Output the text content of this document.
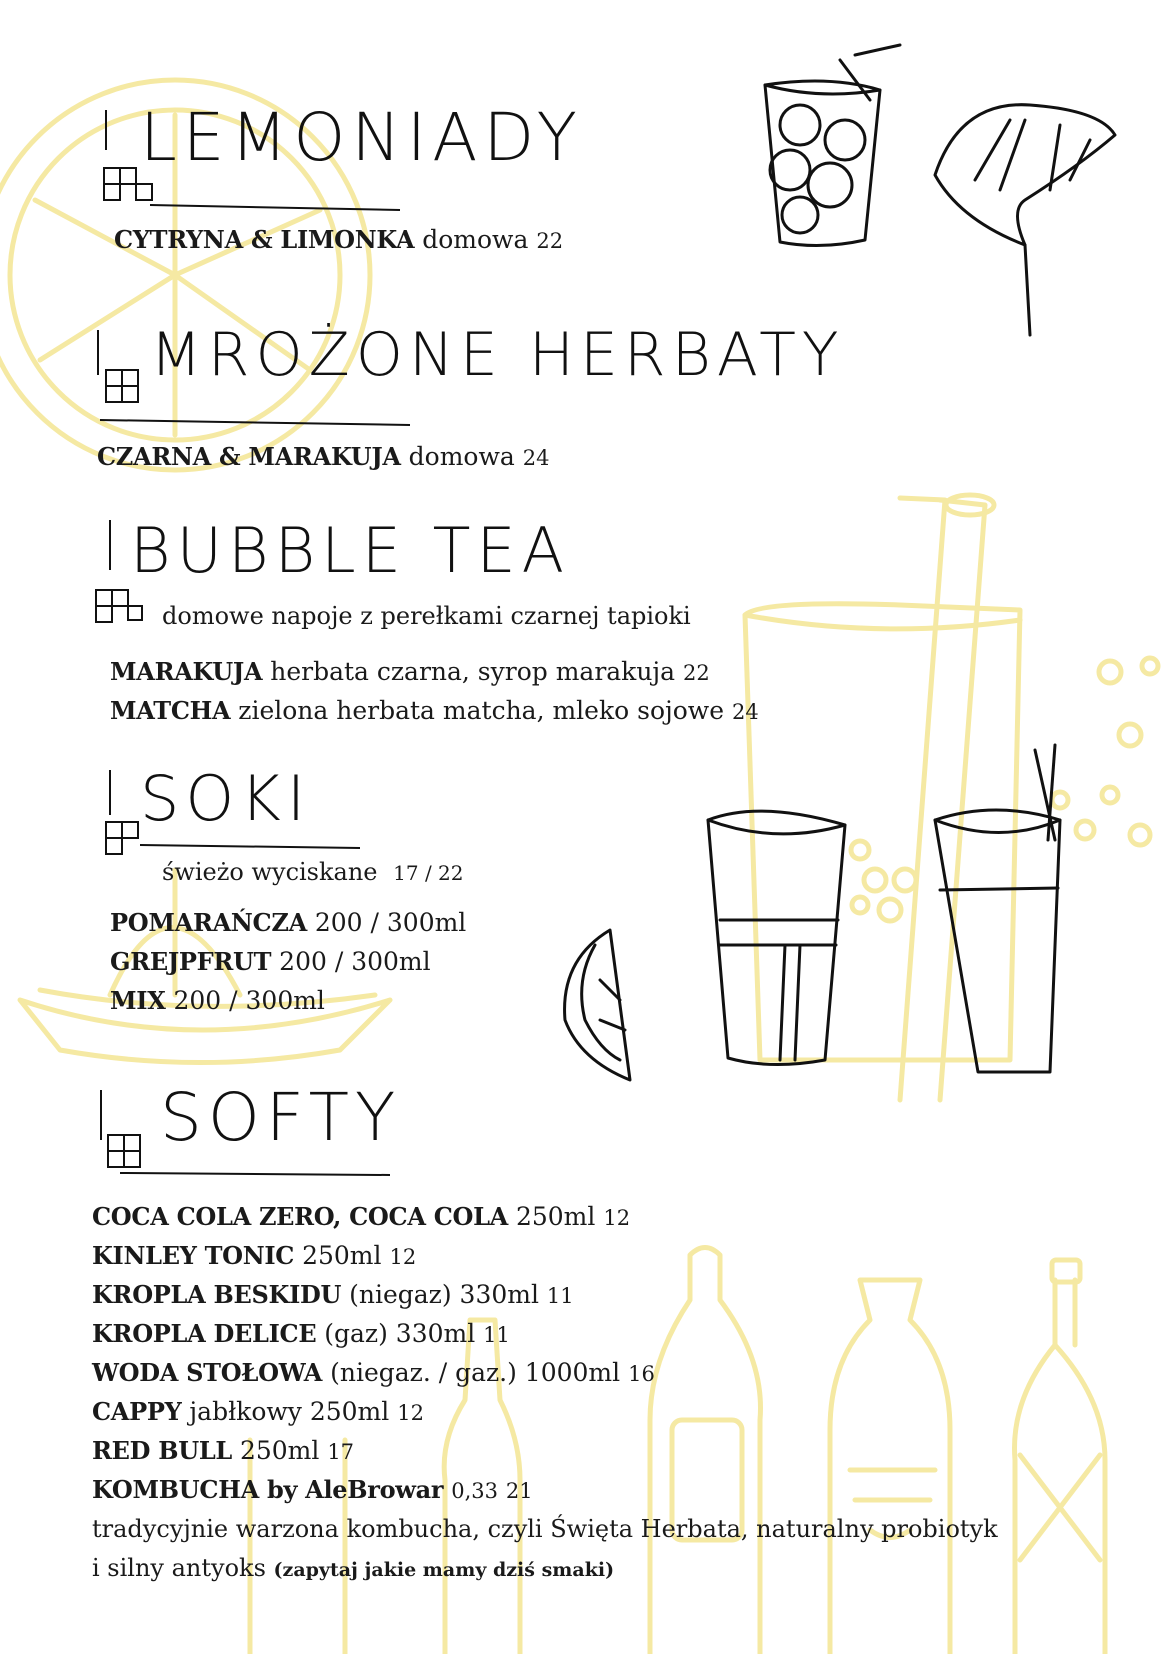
LEMONIADY

CYTRYNA & LIMONKA domowa 22

MROŻONE HERBATY

CZARNA & MARAKUJA domowa 24

BUBBLE TEA
domowe napoje z perełkami czarnej tapioki

MARAKUJA herbata czarna, syrop marakuja 22

MATCHA zielona herbata matcha, mleko sojowe 24

SOKI
świeżo wyciskane 17 / 22

POMARAŃCZA 200 / 300ml

GREJPFRUT 200 / 300ml

MIX 200 / 300ml

SOFTY

COCA COLA ZERO, COCA COLA 250ml 12

KINLEY TONIC 250ml 12

KROPLA BESKIDU (niegaz) 330ml 11

KROPLA DELICE (gaz) 330ml 11

WODA STOŁOWA (niegaz. / gaz.) 1000ml 16

CAPPY jabłkowy 250ml 12

RED BULL 250ml 17

KOMBUCHA by AleBrowar 0,33 21

tradycyjnie warzona kombucha, czyli Święta Herbata, naturalny probiotyk

i silny antyoks (zapytaj jakie mamy dziś smaki)
